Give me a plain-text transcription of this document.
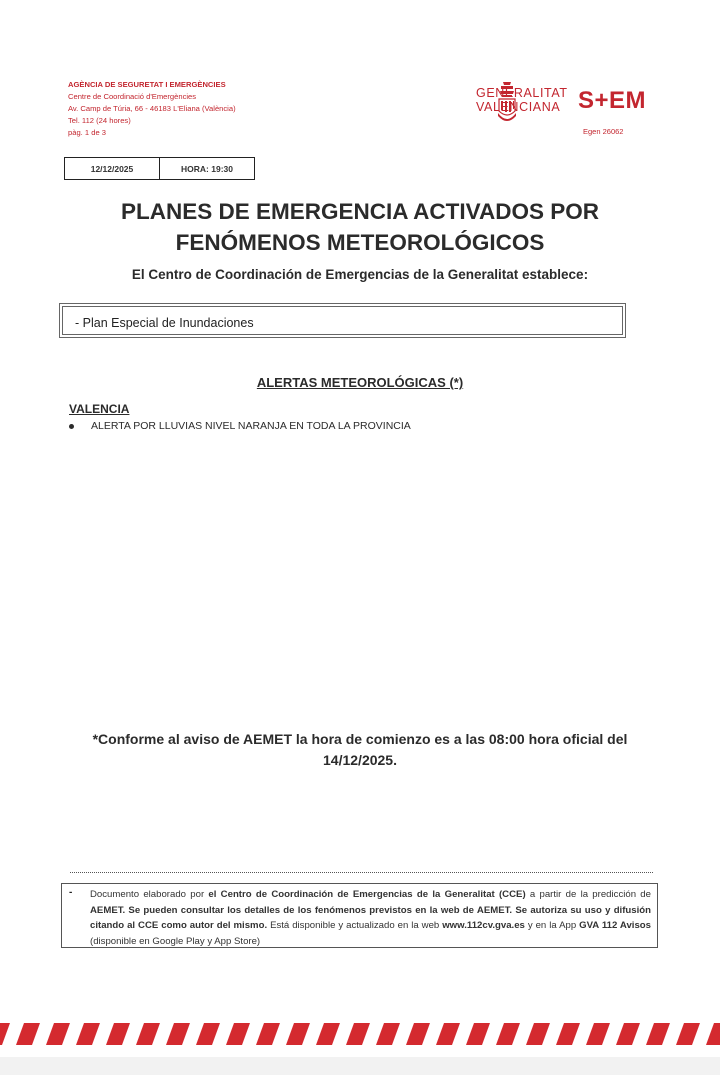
AGÈNCIA DE SEGURETAT I EMERGÈNCIES
Centre de Coordinació d'Emergències
Av. Camp de Túria, 66 - 46183 L'Eliana (València)
Tel. 112 (24 hores)
pàg. 1 de 3
GENERALITAT
VALENCIANA S+EM
Egen 26062
12/12/2025	HORA: 19:30
PLANES DE EMERGENCIA ACTIVADOS POR
FENÓMENOS METEOROLÓGICOS
El Centro de Coordinación de Emergencias de la Generalitat establece:
- Plan Especial de Inundaciones
ALERTAS METEOROLÓGICAS (*)
VALENCIA
ALERTA POR LLUVIAS NIVEL NARANJA EN TODA LA PROVINCIA
*Conforme al aviso de AEMET la hora de comienzo es a las 08:00 hora oficial del
14/12/2025.
- Documento elaborado por el Centro de Coordinación de Emergencias de la Generalitat (CCE) a partir de la predicción de AEMET. Se pueden consultar los detalles de los fenómenos previstos en la web de AEMET. Se autoriza su uso y difusión citando al CCE como autor del mismo. Está disponible y actualizado en la web www.112cv.gva.es y en la App GVA 112 Avisos (disponible en Google Play y App Store)
